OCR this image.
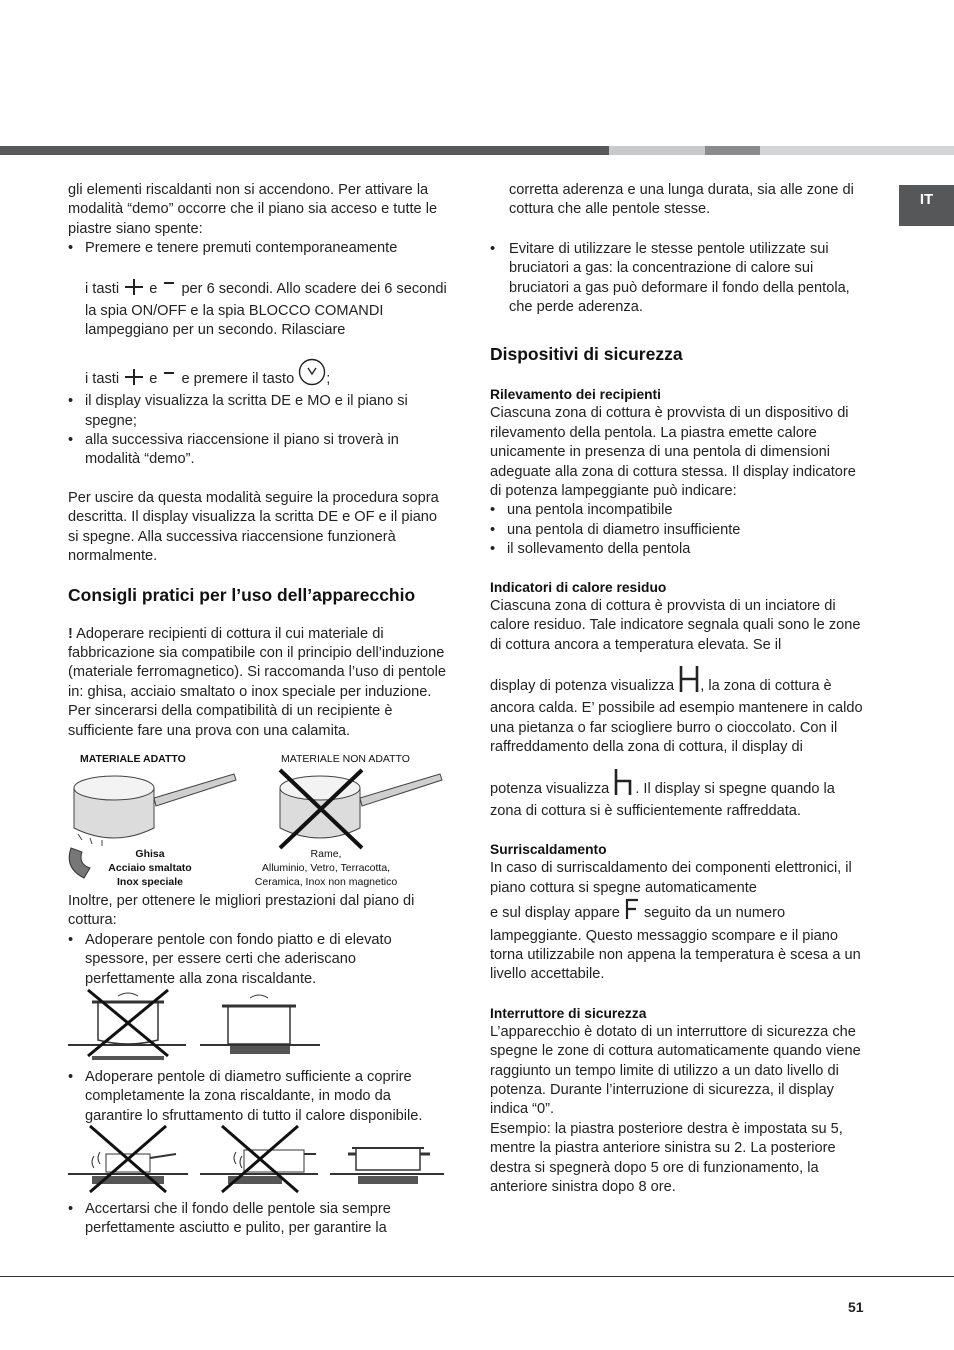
IT

gli elementi riscaldanti non si accendono. Per attivare la modalità “demo” occorre che il piano sia acceso e tutte le piastre siano spente:

• Premere e tenere premuti contemporaneamente

i tasti e per 6 secondi. Allo scadere dei 6 secondi la spia ON/OFF e la spia BLOCCO COMANDI lampeggiano per un secondo. Rilasciare

i tasti e e premere il tasto ;

• il display visualizza la scritta DE e MO e il piano si spegne;

• alla successiva riaccensione il piano si troverà in modalità “demo”.

Per uscire da questa modalità seguire la procedura sopra descritta. Il display visualizza la scritta DE e OF e il piano si spegne. Alla successiva riaccensione funzionerà normalmente.

Consigli pratici per l’uso dell’apparecchio

! Adoperare recipienti di cottura il cui materiale di fabbricazione sia compatibile con il principio dell’induzione (materiale ferromagnetico). Si raccomanda l’uso di pentole in: ghisa, acciaio smaltato o inox speciale per induzione. Per sincerarsi della compatibilità di un recipiente è sufficiente fare una prova con una calamita.

MATERIALE ADATTO	MATERIALE NON ADATTO
Ghisa
Acciaio smaltato
Inox speciale
Rame,
Alluminio, Vetro, Terracotta,
Ceramica, Inox non magnetico

Inoltre, per ottenere le migliori prestazioni dal piano di cottura:

• Adoperare pentole con fondo piatto e di elevato spessore, per essere certi che aderiscano perfettamente alla zona riscaldante.

• Adoperare pentole di diametro sufficiente a coprire completamente la zona riscaldante, in modo da garantire lo sfruttamento di tutto il calore disponibile.

• Accertarsi che il fondo delle pentole sia sempre perfettamente asciutto e pulito, per garantire la

corretta aderenza e una lunga durata, sia alle zone di cottura che alle pentole stesse.

• Evitare di utilizzare le stesse pentole utilizzate sui bruciatori a gas: la concentrazione di calore sui bruciatori a gas può deformare il fondo della pentola, che perde aderenza.

Dispositivi di sicurezza
Rilevamento dei recipienti

Ciascuna zona di cottura è provvista di un dispositivo di rilevamento della pentola. La piastra emette calore unicamente in presenza di una pentola di dimensioni adeguate alla zona di cottura stessa. Il display indicatore di potenza lampeggiante può indicare:

• una pentola incompatibile

• una pentola di diametro insufficiente

• il sollevamento della pentola

Indicatori di calore residuo

Ciascuna zona di cottura è provvista di un inciatore di calore residuo. Tale indicatore segnala quali sono le zone di cottura ancora a temperatura elevata. Se il

display di potenza visualizza , la zona di cottura è ancora calda. E’ possibile ad esempio mantenere in caldo una pietanza o far sciogliere burro o cioccolato. Con il raffreddamento della zona di cottura, il display di

potenza visualizza . Il display si spegne quando la zona di cottura si è sufficientemente raffreddata.

Surriscaldamento

In caso di surriscaldamento dei componenti elettronici, il piano cottura si spegne automaticamente

e sul display appare seguito da un numero lampeggiante. Questo messaggio scompare e il piano torna utilizzabile non appena la temperatura è scesa a un livello accettabile.

Interruttore di sicurezza

L’apparecchio è dotato di un interruttore di sicurezza che spegne le zone di cottura automaticamente quando viene raggiunto un tempo limite di utilizzo a un dato livello di potenza. Durante l’interruzione di sicurezza, il display indica “0”.

Esempio: la piastra posteriore destra è impostata su 5, mentre la piastra anteriore sinistra su 2. La posteriore destra si spegnerà dopo 5 ore di funzionamento, la anteriore sinistra dopo 8 ore.

51
